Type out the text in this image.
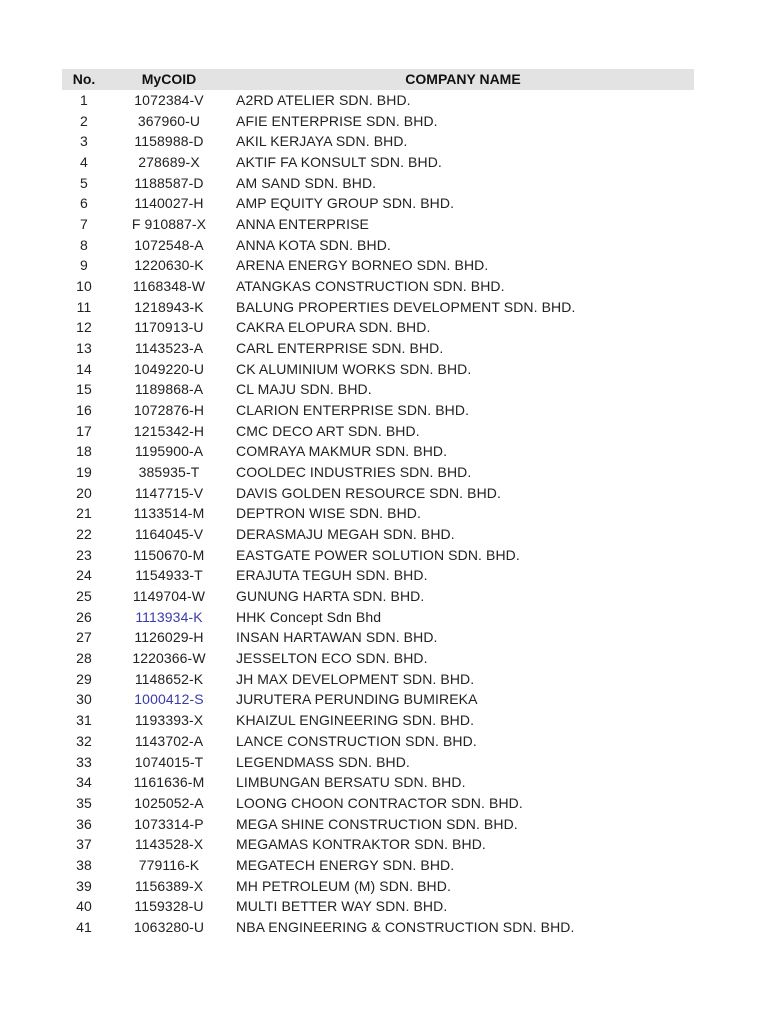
No.	MyCOID	COMPANY NAME
1	1072384-V	A2RD ATELIER SDN. BHD.
2	367960-U	AFIE ENTERPRISE SDN. BHD.
3	1158988-D	AKIL KERJAYA SDN. BHD.
4	278689-X	AKTIF FA KONSULT SDN. BHD.
5	1188587-D	AM SAND SDN. BHD.
6	1140027-H	AMP EQUITY GROUP SDN. BHD.
7	F 910887-X	ANNA ENTERPRISE
8	1072548-A	ANNA KOTA SDN. BHD.
9	1220630-K	ARENA ENERGY BORNEO SDN. BHD.
10	1168348-W	ATANGKAS CONSTRUCTION SDN. BHD.
11	1218943-K	BALUNG PROPERTIES DEVELOPMENT SDN. BHD.
12	1170913-U	CAKRA ELOPURA SDN. BHD.
13	1143523-A	CARL ENTERPRISE SDN. BHD.
14	1049220-U	CK ALUMINIUM WORKS SDN. BHD.
15	1189868-A	CL MAJU SDN. BHD.
16	1072876-H	CLARION ENTERPRISE SDN. BHD.
17	1215342-H	CMC DECO ART SDN. BHD.
18	1195900-A	COMRAYA MAKMUR SDN. BHD.
19	385935-T	COOLDEC INDUSTRIES SDN. BHD.
20	1147715-V	DAVIS GOLDEN RESOURCE SDN. BHD.
21	1133514-M	DEPTRON WISE SDN. BHD.
22	1164045-V	DERASMAJU MEGAH SDN. BHD.
23	1150670-M	EASTGATE POWER SOLUTION SDN. BHD.
24	1154933-T	ERAJUTA TEGUH SDN. BHD.
25	1149704-W	GUNUNG HARTA SDN. BHD.
26	1113934-K	HHK Concept Sdn Bhd
27	1126029-H	INSAN HARTAWAN SDN. BHD.
28	1220366-W	JESSELTON ECO SDN. BHD.
29	1148652-K	JH MAX DEVELOPMENT SDN. BHD.
30	1000412-S	JURUTERA PERUNDING BUMIREKA
31	1193393-X	KHAIZUL ENGINEERING SDN. BHD.
32	1143702-A	LANCE CONSTRUCTION SDN. BHD.
33	1074015-T	LEGENDMASS SDN. BHD.
34	1161636-M	LIMBUNGAN BERSATU SDN. BHD.
35	1025052-A	LOONG CHOON CONTRACTOR SDN. BHD.
36	1073314-P	MEGA SHINE CONSTRUCTION SDN. BHD.
37	1143528-X	MEGAMAS KONTRAKTOR SDN. BHD.
38	779116-K	MEGATECH ENERGY SDN. BHD.
39	1156389-X	MH PETROLEUM (M) SDN. BHD.
40	1159328-U	MULTI BETTER WAY SDN. BHD.
41	1063280-U	NBA ENGINEERING & CONSTRUCTION SDN. BHD.
